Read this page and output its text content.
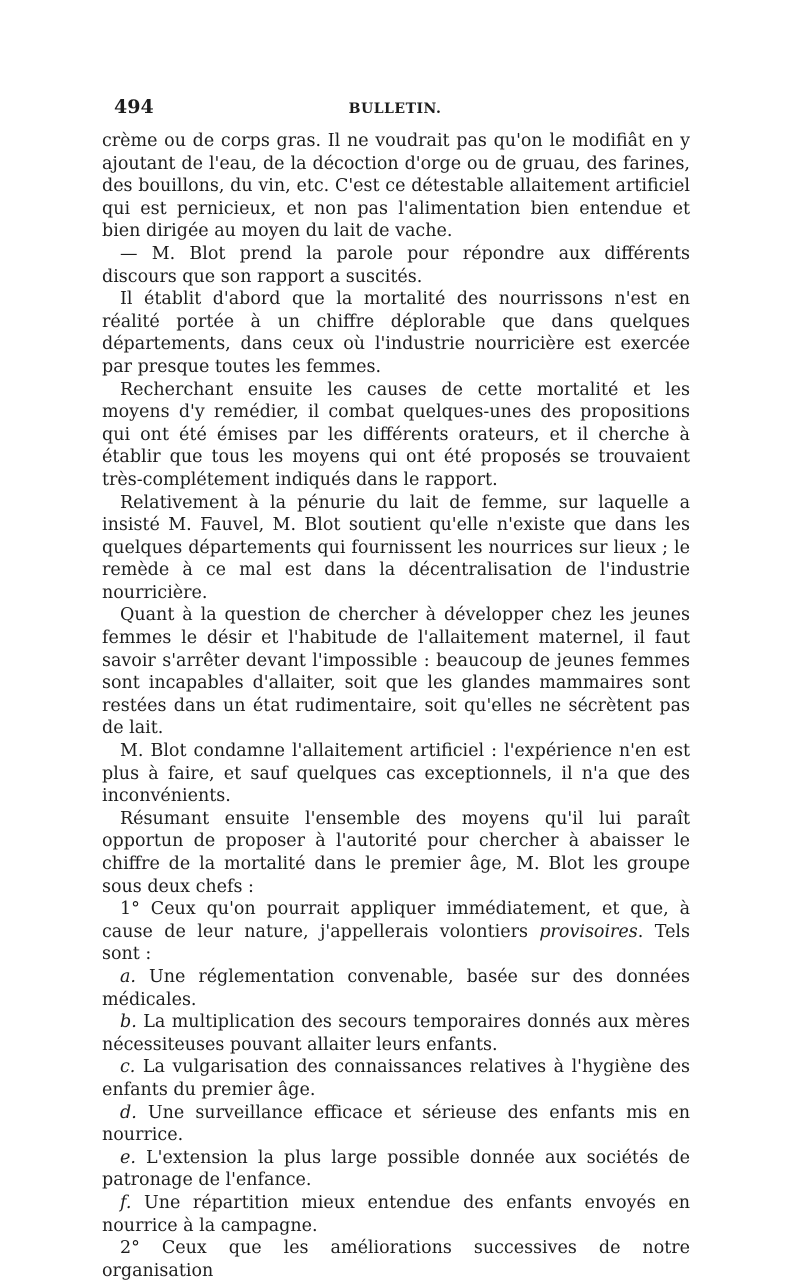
494	BULLETIN.

crème ou de corps gras. Il ne voudrait pas qu'on le modifiât en y ajoutant de l'eau, de la décoction d'orge ou de gruau, des farines, des bouillons, du vin, etc. C'est ce détestable allaitement artificiel qui est pernicieux, et non pas l'alimentation bien entendue et bien dirigée au moyen du lait de vache.

— M. Blot prend la parole pour répondre aux différents discours que son rapport a suscités.

Il établit d'abord que la mortalité des nourrissons n'est en réalité portée à un chiffre déplorable que dans quelques départements, dans ceux où l'industrie nourricière est exercée par presque toutes les femmes.

Recherchant ensuite les causes de cette mortalité et les moyens d'y remédier, il combat quelques-unes des propositions qui ont été émises par les différents orateurs, et il cherche à établir que tous les moyens qui ont été proposés se trouvaient très-complétement indiqués dans le rapport.

Relativement à la pénurie du lait de femme, sur laquelle a insisté M. Fauvel, M. Blot soutient qu'elle n'existe que dans les quelques départements qui fournissent les nourrices sur lieux ; le remède à ce mal est dans la décentralisation de l'industrie nourricière.

Quant à la question de chercher à développer chez les jeunes femmes le désir et l'habitude de l'allaitement maternel, il faut savoir s'arrêter devant l'impossible : beaucoup de jeunes femmes sont incapables d'allaiter, soit que les glandes mammaires sont restées dans un état rudimentaire, soit qu'elles ne sécrètent pas de lait.

M. Blot condamne l'allaitement artificiel : l'expérience n'en est plus à faire, et sauf quelques cas exceptionnels, il n'a que des inconvénients.

Résumant ensuite l'ensemble des moyens qu'il lui paraît opportun de proposer à l'autorité pour chercher à abaisser le chiffre de la mortalité dans le premier âge, M. Blot les groupe sous deux chefs :

1° Ceux qu'on pourrait appliquer immédiatement, et que, à cause de leur nature, j'appellerais volontiers provisoires. Tels sont :

a. Une réglementation convenable, basée sur des données médicales.

b. La multiplication des secours temporaires donnés aux mères nécessiteuses pouvant allaiter leurs enfants.

c. La vulgarisation des connaissances relatives à l'hygiène des enfants du premier âge.

d. Une surveillance efficace et sérieuse des enfants mis en nourrice.

e. L'extension la plus large possible donnée aux sociétés de patronage de l'enfance.

f. Une répartition mieux entendue des enfants envoyés en nourrice à la campagne.

2° Ceux que les améliorations successives de notre organisation
